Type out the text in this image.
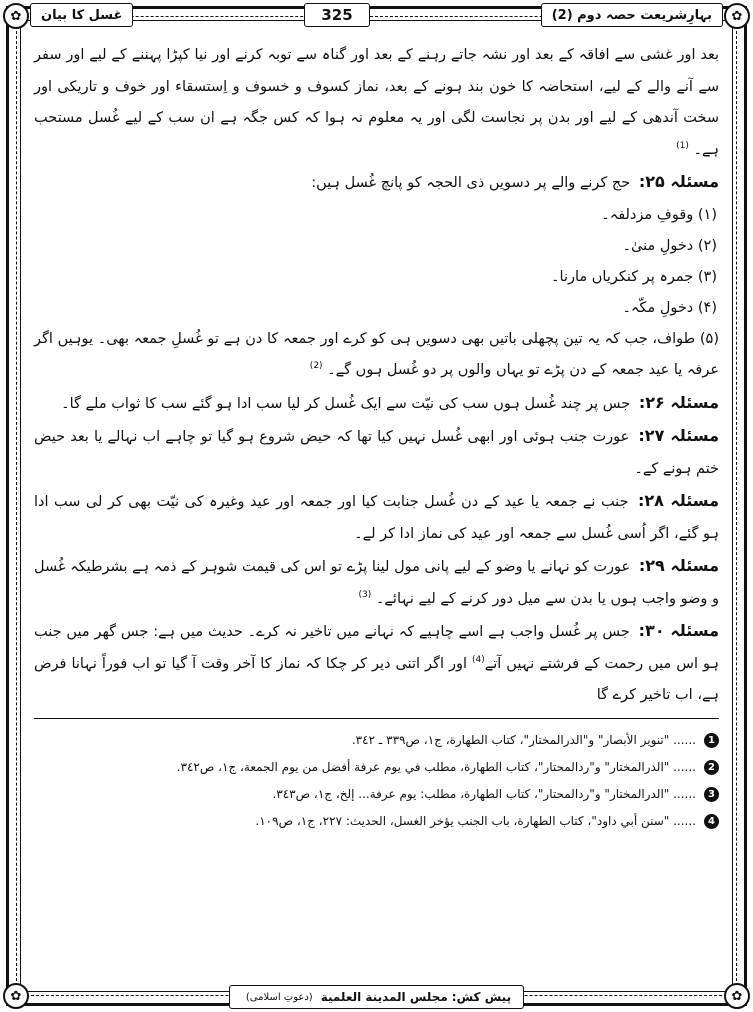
✿	✿
✿	✿
غسل کا بیان	325	بہارِشریعت حصہ دوم (2)

بعد اور غشی سے افاقہ کے بعد اور نشہ جاتے رہنے کے بعد اور گناہ سے توبہ کرنے اور نیا کپڑا پہننے کے لیے اور سفر سے آنے والے کے لیے، استحاضہ کا خون بند ہونے کے بعد، نماز کسوف و خسوف و اِستسقاء اور خوف و تاریکی اور سخت آندھی کے لیے اور بدن پر نجاست لگی اور یہ معلوم نہ ہوا کہ کس جگہ ہے ان سب کے لیے غُسل مستحب ہے۔ $^{(1)}$

مسئلہ ۲۵: حج کرنے والے پر دسویں ذی الحجہ کو پانچ غُسل ہیں:

(۱) وقوفِ مزدلفہ۔
(۲) دخولِ منیٰ۔
(۳) جمرہ پر کنکریاں مارنا۔
(۴) دخولِ مکّہ۔

(۵) طواف، جب کہ یہ تین پچھلی باتیں بھی دسویں ہی کو کرے اور جمعہ کا دن ہے تو غُسلِ جمعہ بھی۔ یوہیں اگر عرفہ یا عید جمعہ کے دن پڑے تو یہاں والوں پر دو غُسل ہوں گے۔ $^{(2)}$

مسئلہ ۲۶: جس پر چند غُسل ہوں سب کی نیّت سے ایک غُسل کر لیا سب ادا ہو گئے سب کا ثواب ملے گا۔

مسئلہ ۲۷: عورت جنب ہوئی اور ابھی غُسل نہیں کیا تھا کہ حیض شروع ہو گیا تو چاہے اب نہالے یا بعد حیض ختم ہونے کے۔

مسئلہ ۲۸: جنب نے جمعہ یا عید کے دن غُسل جنابت کیا اور جمعہ اور عید وغیرہ کی نیّت بھی کر لی سب ادا ہو گئے، اگر اُسی غُسل سے جمعہ اور عید کی نماز ادا کر لے۔

مسئلہ ۲۹: عورت کو نہانے یا وضو کے لیے پانی مول لینا پڑے تو اس کی قیمت شوہر کے ذمہ ہے بشرطیکہ غُسل و وضو واجب ہوں یا بدن سے میل دور کرنے کے لیے نہائے۔ $^{(3)}$

مسئلہ ۳۰: جس پر غُسل واجب ہے اسے چاہیے کہ نہانے میں تاخیر نہ کرے۔ حدیث میں ہے: جس گھر میں جنب ہو اس میں رحمت کے فرشتے نہیں آتے$^{(4)}$ اور اگر اتنی دیر کر چکا کہ نماز کا آخر وقت آ گیا تو اب فوراً نہانا فرض ہے، اب تاخیر کرے گا

1
...... "تنوير الأبصار" و"الدرالمختار"، كتاب الطهارة، ج١، ص٣٣٩ ـ ٣٤٢.
2
...... "الدرالمختار" و"ردالمحتار"، كتاب الطهارة، مطلب في يوم عرفة أفضل من يوم الجمعة، ج١، ص٣٤٢.
3
...... "الدرالمختار" و"ردالمحتار"، كتاب الطهارة، مطلب: يوم عرفة... إلخ، ج١، ص٣٤٣.
4
...... "سنن أبي داود"، كتاب الطهارة، باب الجنب يؤخر الغسل، الحديث: ٢٢٧، ج١، ص١٠٩.
پیش کش:
مجلس المدینة العلمیة
(دعوتِ اسلامی)
